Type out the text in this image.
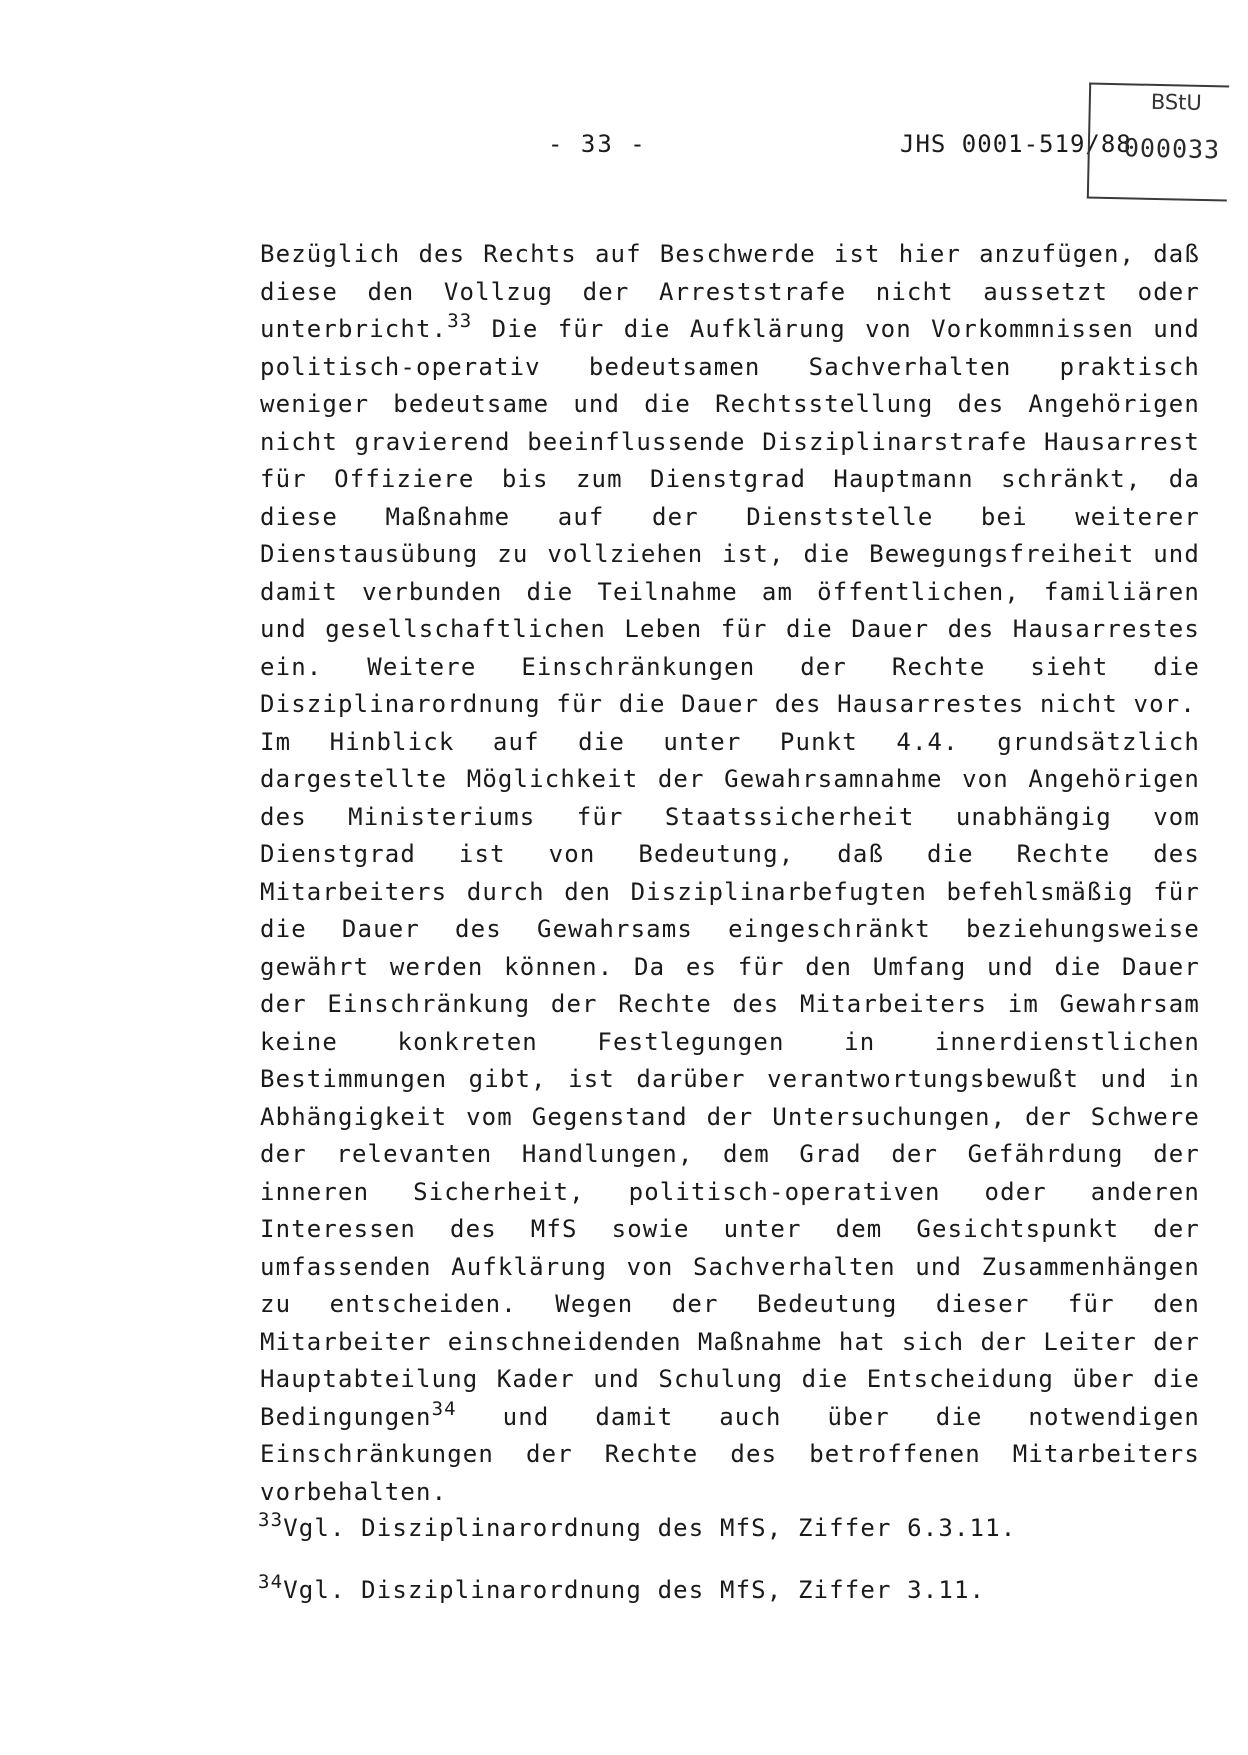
- 33 -	JHS 0001-519/88
BStU
000033

Bezüglich des Rechts auf Beschwerde ist hier anzufügen, daß diese den Vollzug der Arreststrafe nicht aussetzt oder unterbricht.$^{33}$ Die für die Aufklärung von Vorkommnissen und politisch-operativ bedeutsamen Sachverhalten praktisch weniger bedeutsame und die Rechtsstellung des Angehörigen nicht gravierend beeinflussende Disziplinarstrafe Hausarrest für Offiziere bis zum Dienstgrad Hauptmann schränkt, da diese Maßnahme auf der Dienststelle bei weiterer Dienstausübung zu vollziehen ist, die Bewegungsfreiheit und damit verbunden die Teilnahme am öffentlichen, familiären und gesellschaftlichen Leben für die Dauer des Hausarrestes ein. Weitere Einschränkungen der Rechte sieht die Disziplinarordnung für die Dauer des Hausarrestes nicht vor.

Im Hinblick auf die unter Punkt 4.4. grundsätzlich dargestellte Möglichkeit der Gewahrsamnahme von Angehörigen des Ministeriums für Staatssicherheit unabhängig vom Dienstgrad ist von Bedeutung, daß die Rechte des Mitarbeiters durch den Disziplinarbefugten befehlsmäßig für die Dauer des Gewahrsams eingeschränkt beziehungsweise gewährt werden können. Da es für den Umfang und die Dauer der Einschränkung der Rechte des Mitarbeiters im Gewahrsam keine konkreten Festlegungen in innerdienstlichen Bestimmungen gibt, ist darüber verantwortungsbewußt und in Abhängigkeit vom Gegenstand der Untersuchungen, der Schwere der relevanten Handlungen, dem Grad der Gefährdung der inneren Sicherheit, politisch-operativen oder anderen Interessen des MfS sowie unter dem Gesichtspunkt der umfassenden Aufklärung von Sachverhalten und Zusammenhängen zu entscheiden. Wegen der Bedeutung dieser für den Mitarbeiter einschneidenden Maßnahme hat sich der Leiter der Hauptabteilung Kader und Schulung die Entscheidung über die Bedingungen$^{34}$ und damit auch über die notwendigen Einschränkungen der Rechte des betroffenen Mitarbeiters vorbehalten.

$^{33}$Vgl. Disziplinarordnung des MfS, Ziffer 6.3.11.
$^{34}$Vgl. Disziplinarordnung des MfS, Ziffer 3.11.
